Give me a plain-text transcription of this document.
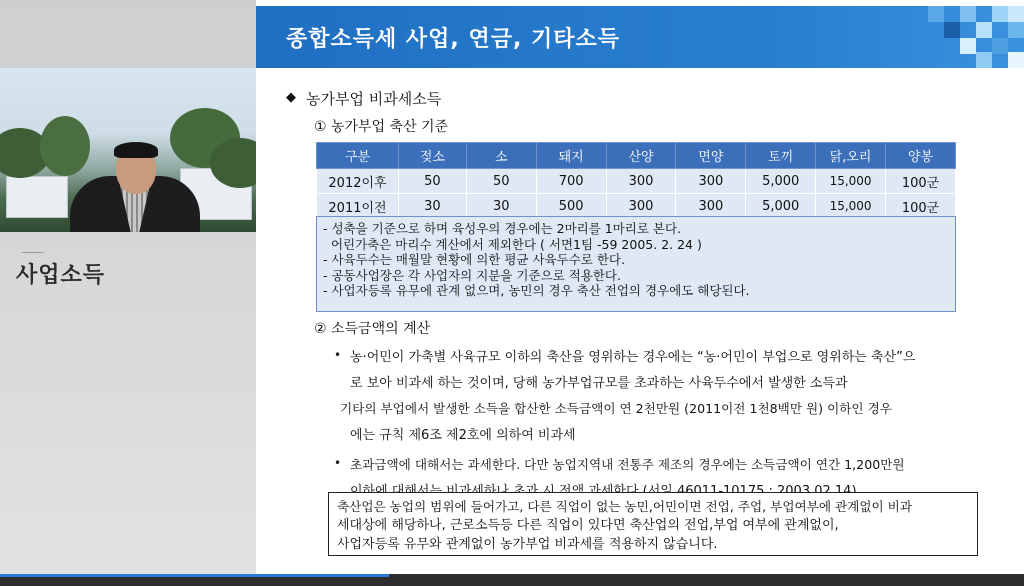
사업소득
종합소득세 사업, 연금, 기타소득
◆ 농가부업 비과세소득
① 농가부업 축산 기준
구분	젖소	소	돼지	산양	면양	토끼	닭,오리	양봉
2012이후	50	50	700	300	300	5,000	15,000	100군
2011이전	30	30	500	300	300	5,000	15,000	100군
- 성축을 기준으로 하며 육성우의 경우에는 2마리를 1마리로 본다.
어린가축은 마리수 계산에서 제외한다 ( 서면1팀 -59 2005. 2. 24 )
- 사육두수는 매월말 현황에 의한 평균 사육두수로 한다.
- 공동사업장은 각 사업자의 지분을 기준으로 적용한다.
- 사업자등록 유무에 관계 없으며, 농민의 경우 축산 전업의 경우에도 해당된다.
② 소득금액의 계산
• 농·어민이 가축별 사육규모 이하의 축산을 영위하는 경우에는 “농·어민이 부업으로 영위하는 축산”으
로 보아 비과세 하는 것이며, 당해 농가부업규모를 초과하는 사육두수에서 발생한 소득과
기타의 부업에서 발생한 소득을 합산한 소득금액이 연 2천만원 (2011이전 1천8백만 원) 이하인 경우
에는 규칙 제6조 제2호에 의하여 비과세
• 초과금액에 대해서는 과세한다. 다만 농업지역내 전통주 제조의 경우에는 소득금액이 연간 1,200만원
축산업은 농업의 범위에 들어가고, 다른 직업이 없는 농민,어민이면 전업, 주업, 부업여부에 관계없이 비과
세대상에 해당하나, 근로소득등 다른 직업이 있다면 축산업의 전업,부업 여부에 관계없이,
사업자등록 유무와 관계없이 농가부업 비과세를 적용하지 않습니다.
